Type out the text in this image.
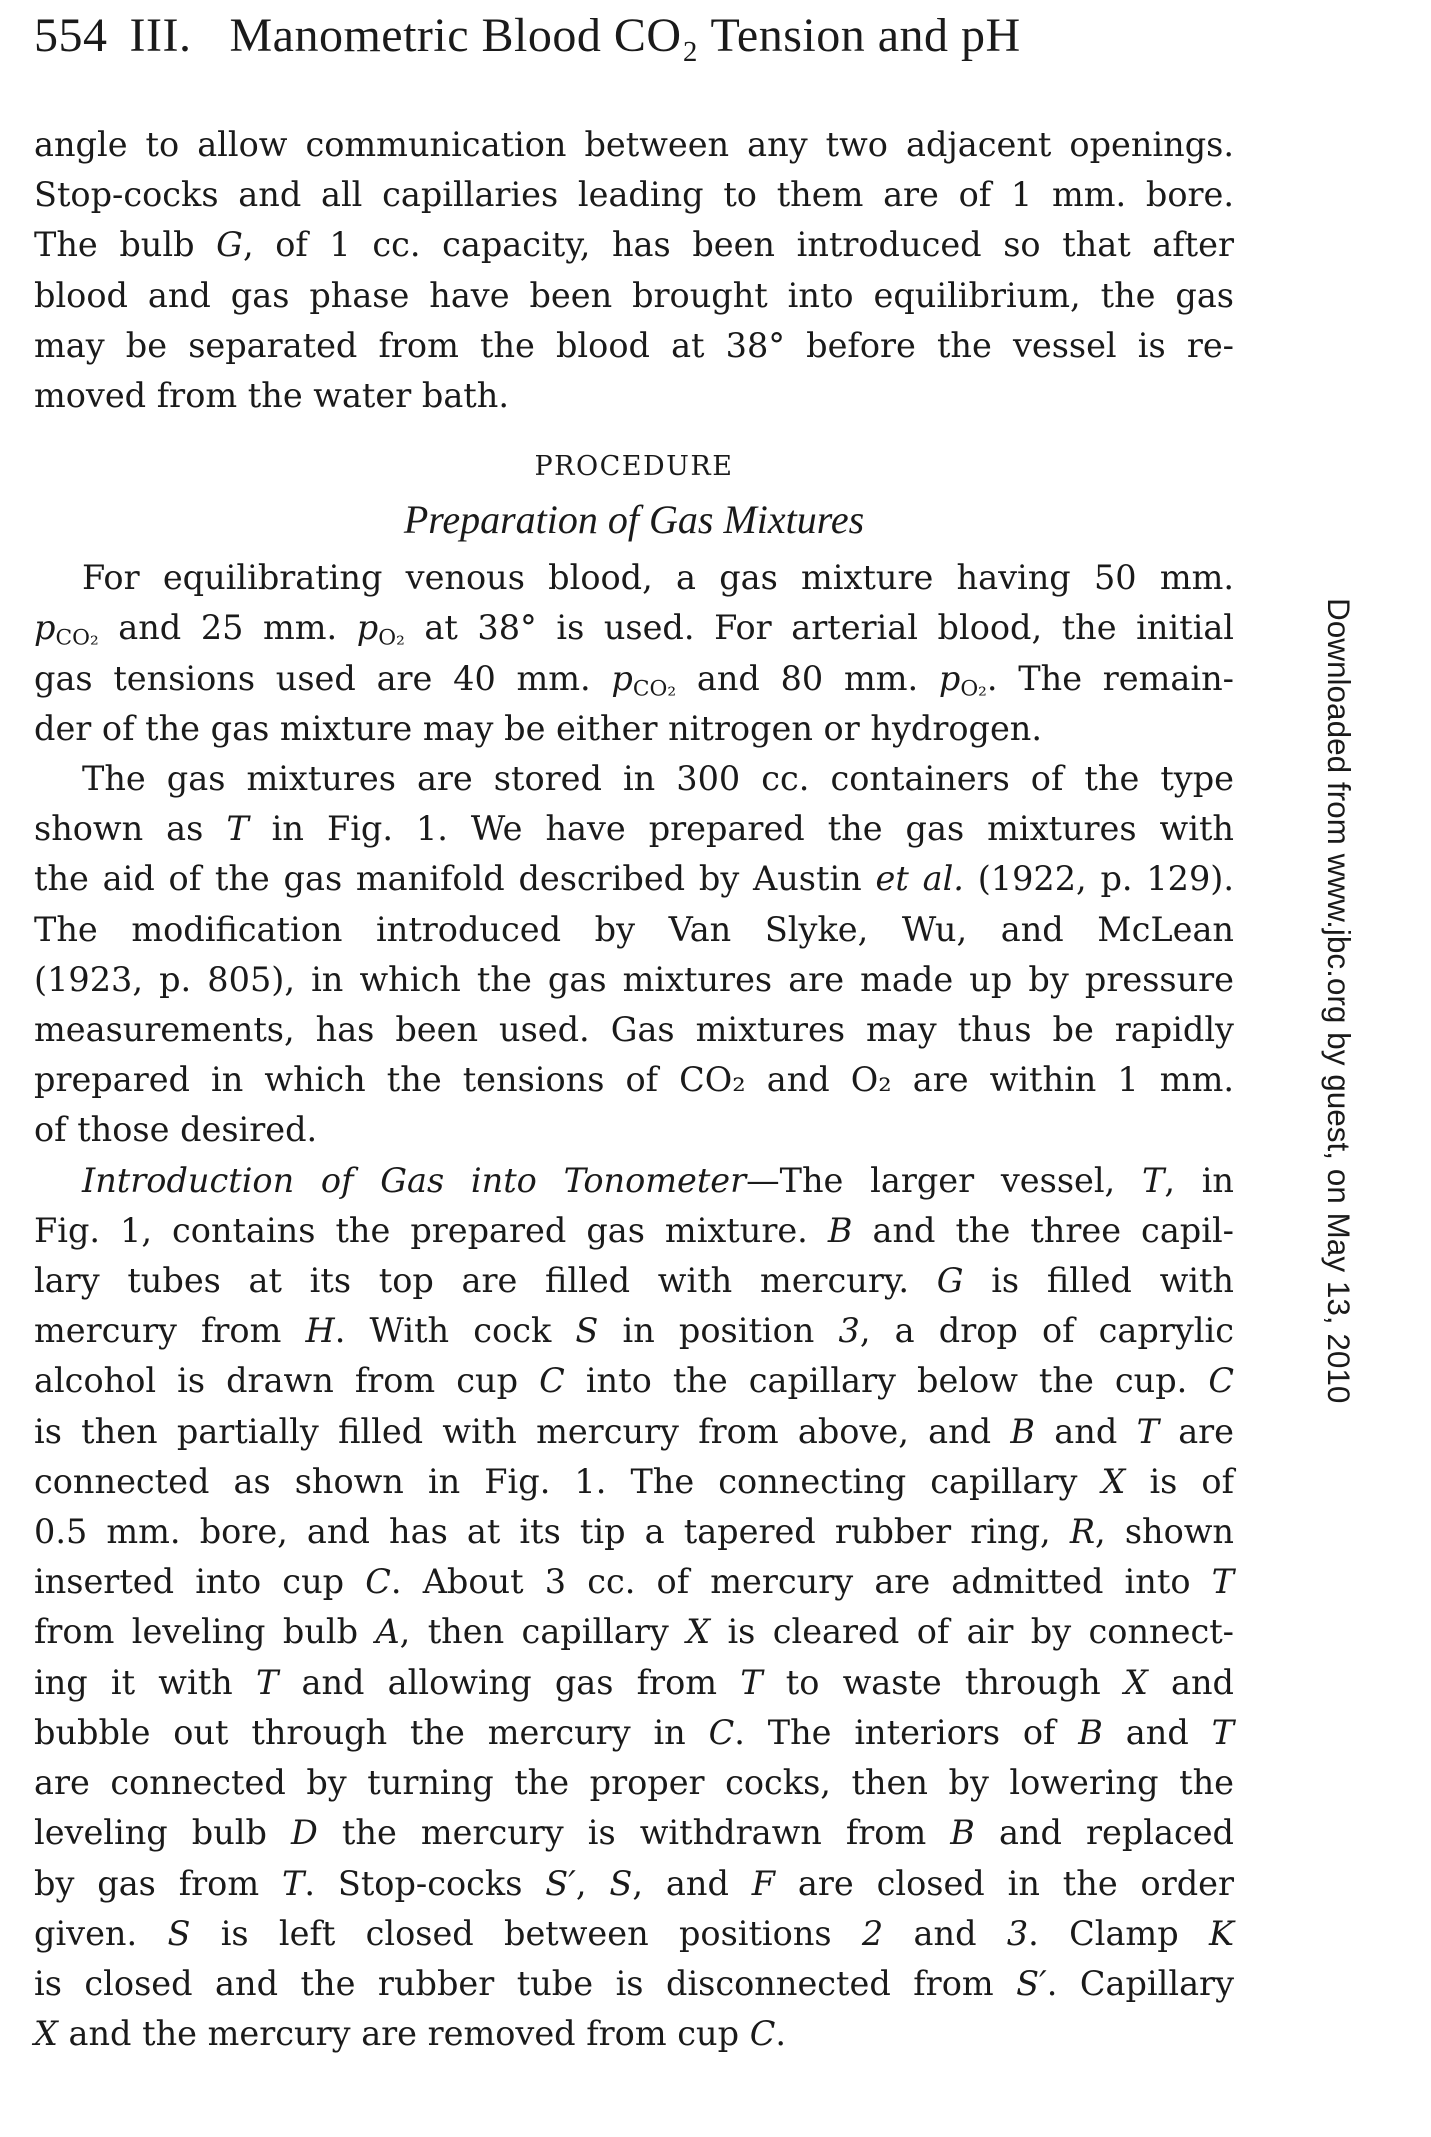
554 III. Manometric Blood CO₂ Tension and pH

angle to allow communication between any two adjacent openings.
Stop-cocks and all capillaries leading to them are of 1 mm. bore.
The bulb G, of 1 cc. capacity, has been introduced so that after
blood and gas phase have been brought into equilibrium, the gas
may be separated from the blood at 38° before the vessel is re-
moved from the water bath.

PROCEDURE
Preparation of Gas Mixtures

For equilibrating venous blood, a gas mixture having 50 mm.
$p_{CO_2}$ and 25 mm. $p_{O_2}$ at 38° is used. For arterial blood, the initial
gas tensions used are 40 mm. $p_{CO_2}$ and 80 mm. $p_{O_2}$. The remain-
der of the gas mixture may be either nitrogen or hydrogen.

The gas mixtures are stored in 300 cc. containers of the type
shown as T in Fig. 1. We have prepared the gas mixtures with
the aid of the gas manifold described by Austin et al. (1922, p. 129).
The modification introduced by Van Slyke, Wu, and McLean
(1923, p. 805), in which the gas mixtures are made up by pressure
measurements, has been used. Gas mixtures may thus be rapidly
prepared in which the tensions of CO₂ and O₂ are within 1 mm.
of those desired.

Introduction of Gas into Tonometer—The larger vessel, T, in
Fig. 1, contains the prepared gas mixture. B and the three capil-
lary tubes at its top are filled with mercury. G is filled with
mercury from H. With cock S in position 3, a drop of caprylic
alcohol is drawn from cup C into the capillary below the cup. C
is then partially filled with mercury from above, and B and T are
connected as shown in Fig. 1. The connecting capillary X is of
0.5 mm. bore, and has at its tip a tapered rubber ring, R, shown
inserted into cup C. About 3 cc. of mercury are admitted into T
from leveling bulb A, then capillary X is cleared of air by connect-
ing it with T and allowing gas from T to waste through X and
bubble out through the mercury in C. The interiors of B and T
are connected by turning the proper cocks, then by lowering the
leveling bulb D the mercury is withdrawn from B and replaced
by gas from T. Stop-cocks S′, S, and F are closed in the order
given. S is left closed between positions 2 and 3. Clamp K
is closed and the rubber tube is disconnected from S′. Capillary
X and the mercury are removed from cup C.

Downloaded from www.jbc.org by guest, on May 13, 2010
